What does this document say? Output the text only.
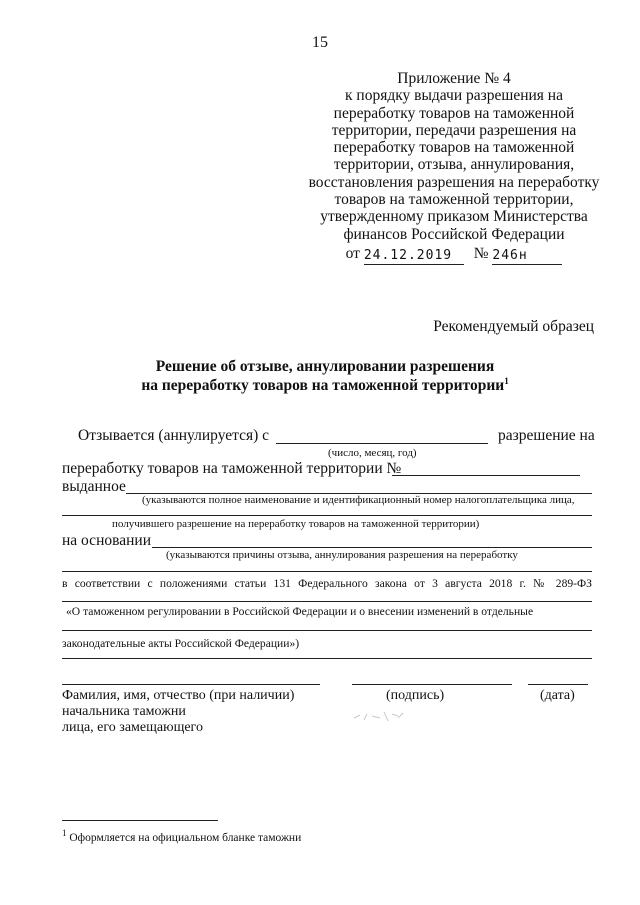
15
Приложение № 4
к порядку выдачи разрешения на
переработку товаров на таможенной
территории, передачи разрешения на
переработку товаров на таможенной
территории, отзыва, аннулирования,
восстановления разрешения на переработку
товаров на таможенной территории,
утвержденному приказом Министерства
финансов Российской Федерации
от 24.12.2019 № 246н
Рекомендуемый образец
Решение об отзыве, аннулировании разрешения
на переработку товаров на таможенной территории$^1$
Отзывается (аннулируется) с	разрешение на
(число, месяц, год)
переработку товаров на таможенной территории №
выданное
(указываются полное наименование и идентификационный номер налогоплательщика лица,
получившего разрешение на переработку товаров на таможенной территории)
на основании
(указываются причины отзыва, аннулирования разрешения на переработку
в соответствии с положениями статьи 131 Федерального закона от 3 августа 2018 г. № 289-ФЗ
«О таможенном регулировании в Российской Федерации и о внесении изменений в отдельные
законодательные акты Российской Федерации»)
Фамилия, имя, отчество (при наличии)
начальника таможни
лица, его замещающего
(подпись)	(дата)
$^1$ Оформляется на официальном бланке таможни
